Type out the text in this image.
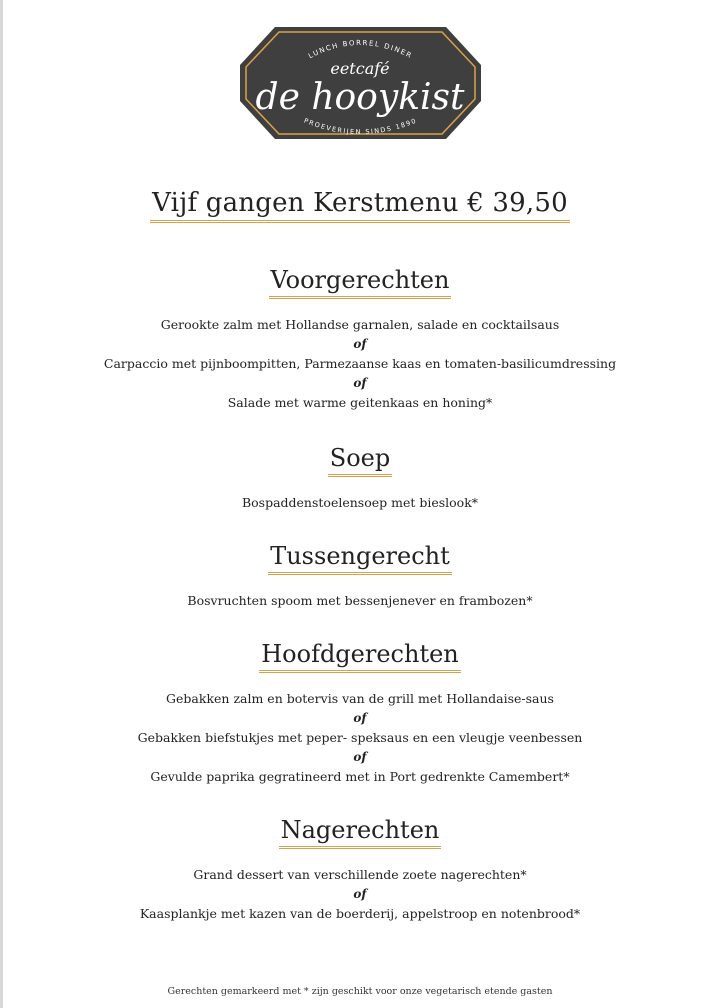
LUNCH BORREL DINER
eetcafé
de hooykist
PROEVERIJEN SINDS 1890
Vijf gangen Kerstmenu € 39,50
Voorgerechten
Gerookte zalm met Hollandse garnalen, salade en cocktailsaus
of
Carpaccio met pijnboompitten, Parmezaanse kaas en tomaten-basilicumdressing
of
Salade met warme geitenkaas en honing*
Soep
Bospaddenstoelensoep met bieslook*
Tussengerecht
Bosvruchten spoom met bessenjenever en frambozen*
Hoofdgerechten
Gebakken zalm en botervis van de grill met Hollandaise-saus
of
Gebakken biefstukjes met peper- speksaus en een vleugje veenbessen
of
Gevulde paprika gegratineerd met in Port gedrenkte Camembert*
Nagerechten
Grand dessert van verschillende zoete nagerechten*
of
Kaasplankje met kazen van de boerderij, appelstroop en notenbrood*
Gerechten gemarkeerd met * zijn geschikt voor onze vegetarisch etende gasten
